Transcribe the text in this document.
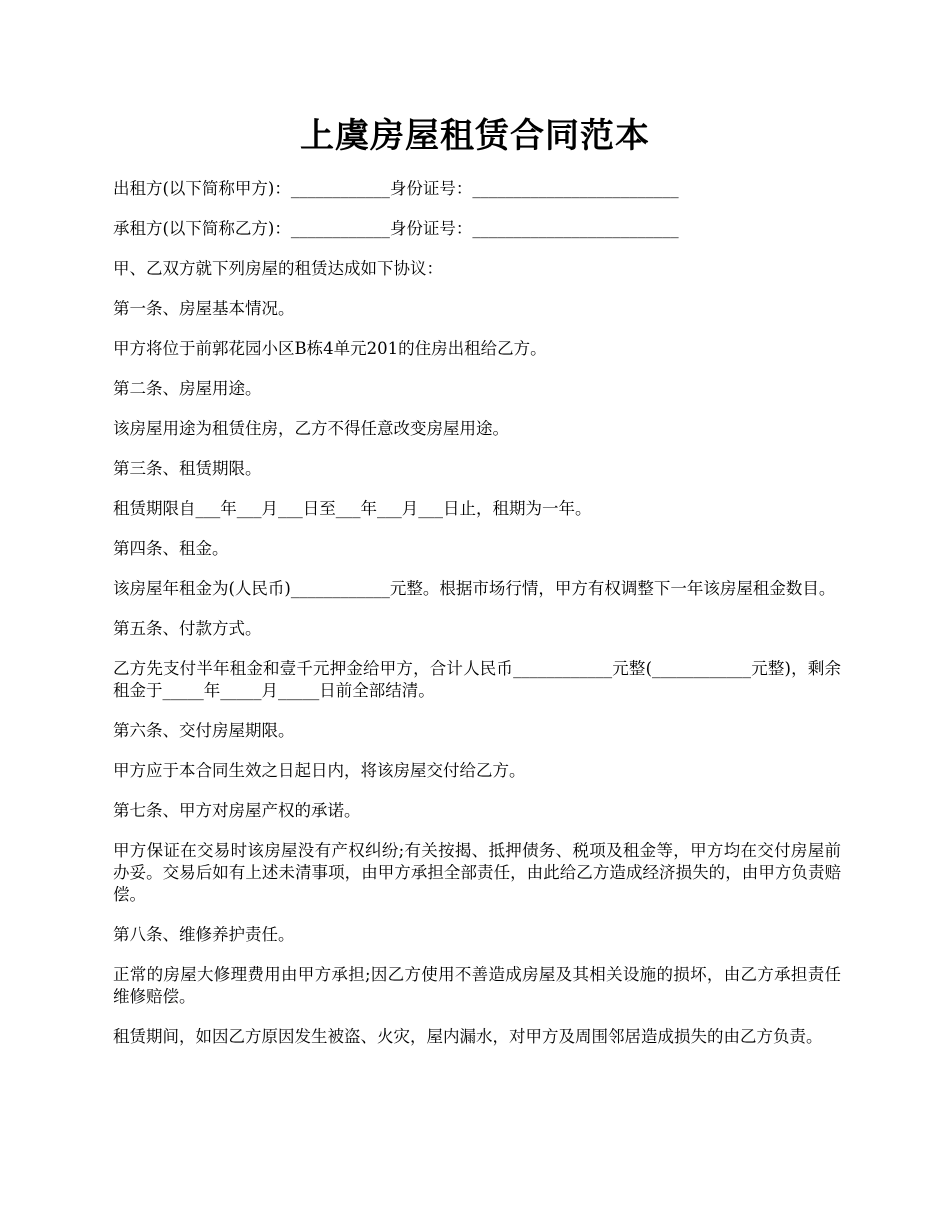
上虞房屋租赁合同范本

出租方(以下简称甲方)：____________身份证号：_________________________

承租方(以下简称乙方)：____________身份证号：_________________________

甲、乙双方就下列房屋的租赁达成如下协议：

第一条、房屋基本情况。

甲方将位于前郭花园小区B栋4单元201的住房出租给乙方。

第二条、房屋用途。

该房屋用途为租赁住房，乙方不得任意改变房屋用途。

第三条、租赁期限。

租赁期限自___年___月___日至___年___月___日止，租期为一年。

第四条、租金。

该房屋年租金为(人民币)____________元整。根据市场行情，甲方有权调整下一年该房屋租金数目。

第五条、付款方式。

乙方先支付半年租金和壹千元押金给甲方，合计人民币____________元整(____________元整)，剩余租金于_____年_____月_____日前全部结清。

第六条、交付房屋期限。

甲方应于本合同生效之日起日内，将该房屋交付给乙方。

第七条、甲方对房屋产权的承诺。

甲方保证在交易时该房屋没有产权纠纷;有关按揭、抵押债务、税项及租金等，甲方均在交付房屋前办妥。交易后如有上述未清事项，由甲方承担全部责任，由此给乙方造成经济损失的，由甲方负责赔偿。

第八条、维修养护责任。

正常的房屋大修理费用由甲方承担;因乙方使用不善造成房屋及其相关设施的损坏，由乙方承担责任维修赔偿。

租赁期间，如因乙方原因发生被盗、火灾，屋内漏水，对甲方及周围邻居造成损失的由乙方负责。
